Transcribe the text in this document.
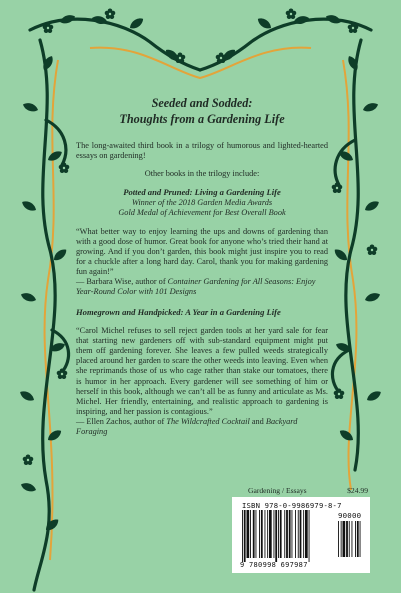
Seeded and Sodded:
Thoughts from a Gardening Life

The long-awaited third book in a trilogy of humorous and lighted-hearted essays on gardening!

Other books in the trilogy include:

Potted and Pruned: Living a Gardening Life
Winner of the 2018 Garden Media Awards
Gold Medal of Achievement for Best Overall Book

“What better way to enjoy learning the ups and downs of gardening than with a good dose of humor. Great book for anyone who’s tried their hand at growing. And if you don’t garden, this book might just inspire you to read for a chuckle after a long hard day. Carol, thank you for making gardening fun again!”

— Barbara Wise, author of Container Gardening for All Seasons: Enjoy Year-Round Color with 101 Designs

Homegrown and Handpicked: A Year in a Gardening Life

“Carol Michel refuses to sell reject garden tools at her yard sale for fear that starting new gardeners off with sub-standard equipment might put them off gardening forever. She leaves a few pulled weeds strategically placed around her garden to scare the other weeds into leaving. Even when she reprimands those of us who cage rather than stake our tomatoes, there is humor in her approach. Every gardener will see something of him or herself in this book, although we can’t all be as funny and articulate as Ms. Michel. Her friendly, entertaining, and realistic approach to gardening is inspiring, and her passion is contagious.”

— Ellen Zachos, author of The Wildcrafted Cocktail and Backyard Foraging

Gardening / Essays	$24.99
ISBN 978-0-9986979-8-7
9 780998 697987
90000
